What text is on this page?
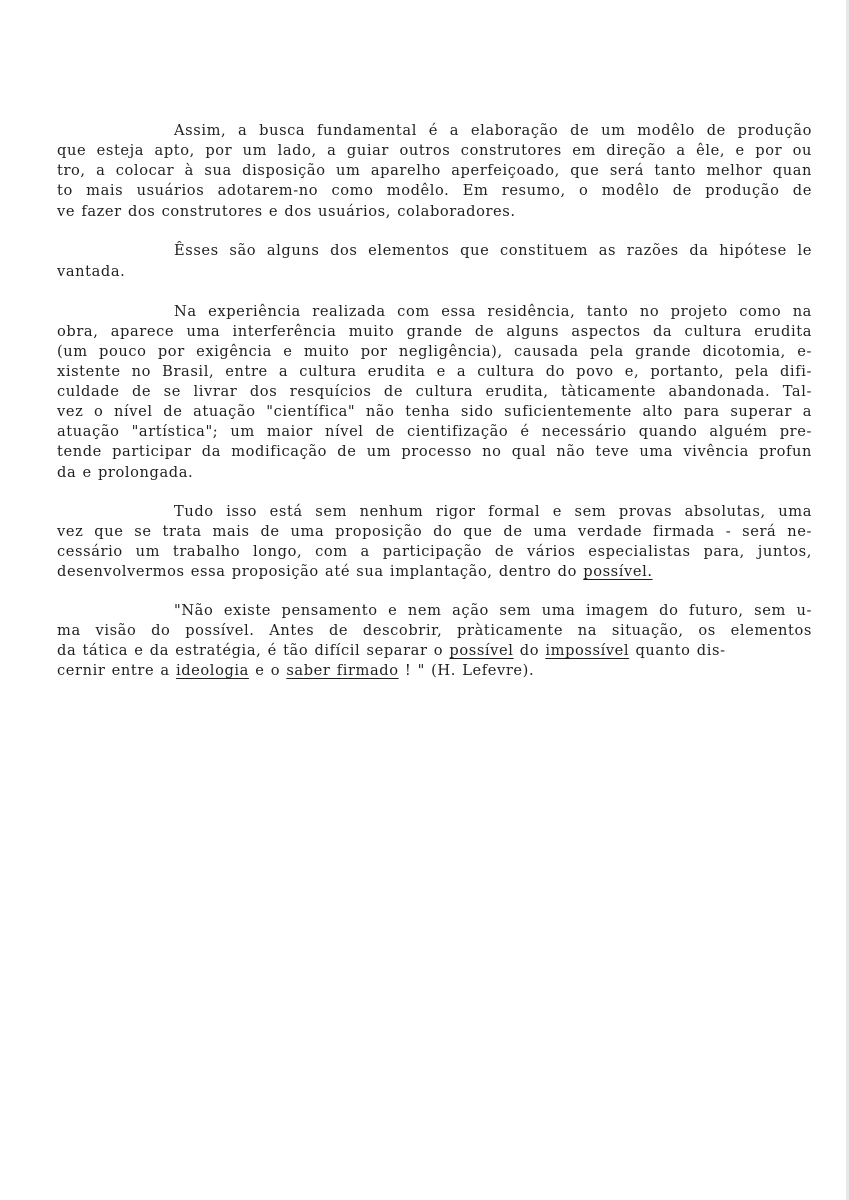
Assim, a busca fundamental é a elaboração de um modêlo de produção
que esteja apto, por um lado, a guiar outros construtores em direção a êle, e por ou
tro, a colocar à sua disposição um aparelho aperfeiçoado, que será tanto melhor quan
to mais usuários adotarem-no como modêlo. Em resumo, o modêlo de produção de
ve fazer dos construtores e dos usuários, colaboradores.
Êsses são alguns dos elementos que constituem as razões da hipótese le
vantada.
Na experiência realizada com essa residência, tanto no projeto como na
obra, aparece uma interferência muito grande de alguns aspectos da cultura erudita
(um pouco por exigência e muito por negligência), causada pela grande dicotomia, e-
xistente no Brasil, entre a cultura erudita e a cultura do povo e, portanto, pela difi-
culdade de se livrar dos resquícios de cultura erudita, tàticamente abandonada. Tal-
vez o nível de atuação "científica" não tenha sido suficientemente alto para superar a
atuação "artística"; um maior nível de cientifização é necessário quando alguém pre-
tende participar da modificação de um processo no qual não teve uma vivência profun
da e prolongada.
Tudo isso está sem nenhum rigor formal e sem provas absolutas, uma
vez que se trata mais de uma proposição do que de uma verdade firmada - será ne-
cessário um trabalho longo, com a participação de vários especialistas para, juntos,
desenvolvermos essa proposição até sua implantação, dentro do possível.
"Não existe pensamento e nem ação sem uma imagem do futuro, sem u-
ma visão do possível. Antes de descobrir, pràticamente na situação, os elementos
da tática e da estratégia, é tão difícil separar o possível do impossível quanto dis-
cernir entre a ideologia e o saber firmado ! " (H. Lefevre).
